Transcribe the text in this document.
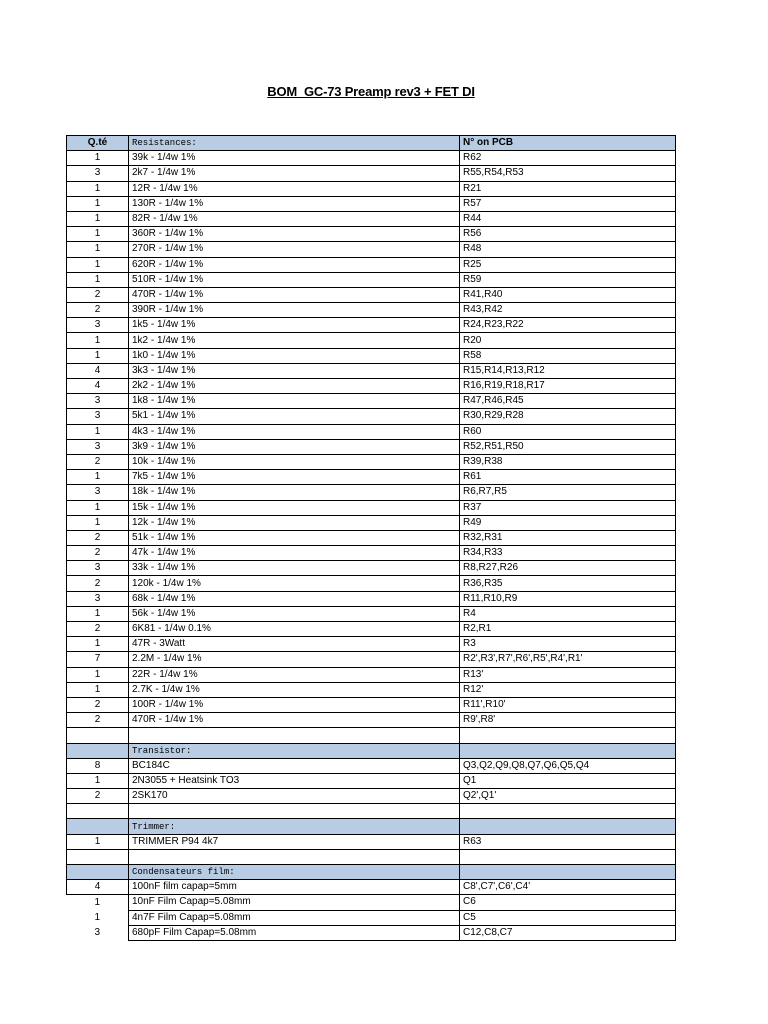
BOM_GC-73 Preamp rev3 + FET DI
Q.té	Resistances:	N° on PCB
1	39k - 1/4w 1%	R62
3	2k7 - 1/4w 1%	R55,R54,R53
1	12R - 1/4w 1%	R21
1	130R - 1/4w 1%	R57
1	82R - 1/4w 1%	R44
1	360R - 1/4w 1%	R56
1	270R - 1/4w 1%	R48
1	620R - 1/4w 1%	R25
1	510R - 1/4w 1%	R59
2	470R - 1/4w 1%	R41,R40
2	390R - 1/4w 1%	R43,R42
3	1k5 - 1/4w 1%	R24,R23,R22
1	1k2 - 1/4w 1%	R20
1	1k0 - 1/4w 1%	R58
4	3k3 - 1/4w 1%	R15,R14,R13,R12
4	2k2 - 1/4w 1%	R16,R19,R18,R17
3	1k8 - 1/4w 1%	R47,R46,R45
3	5k1 - 1/4w 1%	R30,R29,R28
1	4k3 - 1/4w 1%	R60
3	3k9 - 1/4w 1%	R52,R51,R50
2	10k - 1/4w 1%	R39,R38
1	7k5 - 1/4w 1%	R61
3	18k - 1/4w 1%	R6,R7,R5
1	15k - 1/4w 1%	R37
1	12k - 1/4w 1%	R49
2	51k - 1/4w 1%	R32,R31
2	47k - 1/4w 1%	R34,R33
3	33k - 1/4w 1%	R8,R27,R26
2	120k - 1/4w 1%	R36,R35
3	68k - 1/4w 1%	R11,R10,R9
1	56k - 1/4w 1%	R4
2	6K81 - 1/4w 0.1%	R2,R1
1	47R - 3Watt	R3
7	2.2M - 1/4w 1%	R2',R3',R7',R6',R5',R4',R1'
1	22R - 1/4w 1%	R13'
1	2.7K - 1/4w 1%	R12'
2	100R - 1/4w 1%	R11',R10'
2	470R - 1/4w 1%	R9',R8'

	Transistor:	
8	BC184C	Q3,Q2,Q9,Q8,Q7,Q6,Q5,Q4
1	2N3055 + Heatsink TO3	Q1
2	2SK170	Q2',Q1'

	Trimmer:	
1	TRIMMER P94 4k7	R63

	Condensateurs film:	
4	100nF film capap=5mm	C8',C7',C6',C4'
1	10nF Film Capap=5.08mm	C6
1	4n7F Film Capap=5.08mm	C5
3	680pF Film Capap=5.08mm	C12,C8,C7
